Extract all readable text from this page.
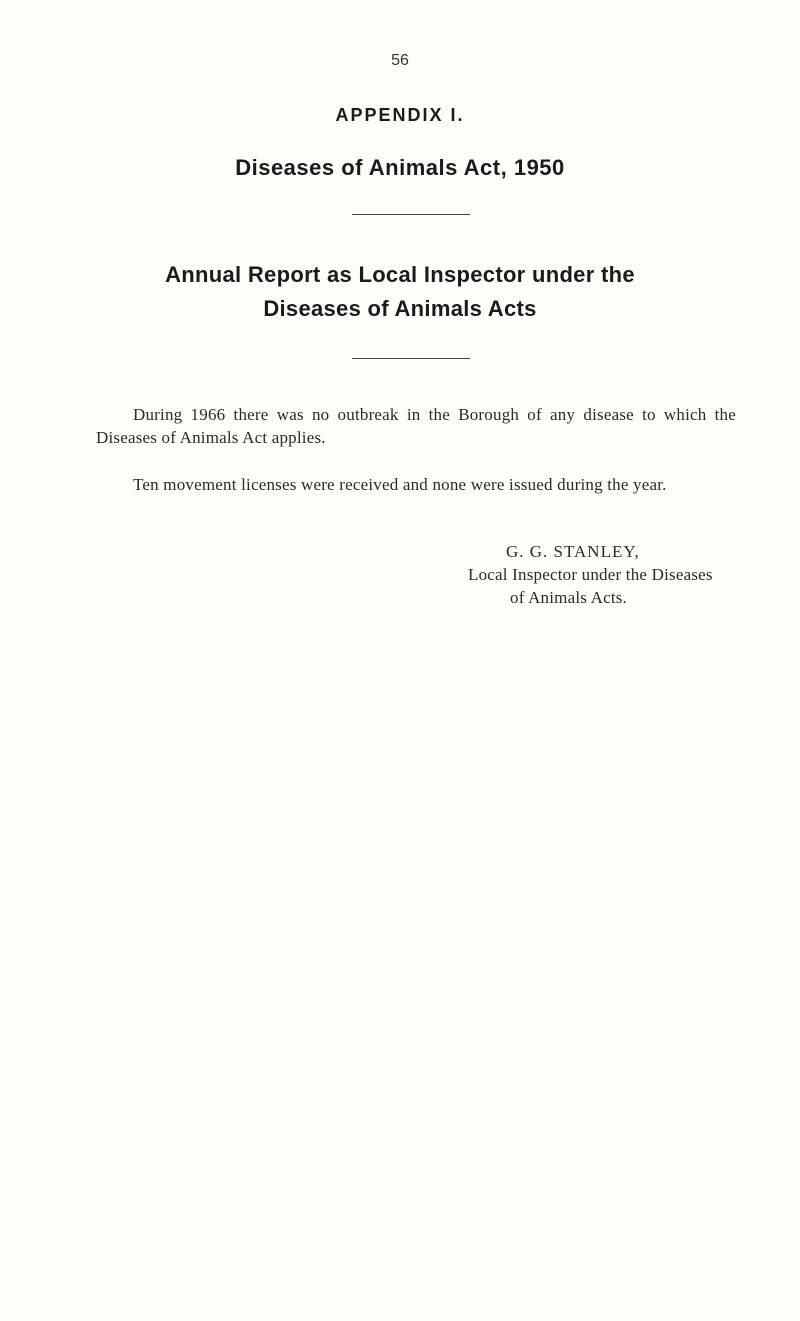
56
APPENDIX I.
Diseases of Animals Act, 1950
Annual Report as Local Inspector under the
Diseases of Animals Acts

During 1966 there was no outbreak in the Borough of any disease to which the Diseases of Animals Act applies.

Ten movement licenses were received and none were issued during the year.

G. G. STANLEY,
Local Inspector under the Diseases
of Animals Acts.
